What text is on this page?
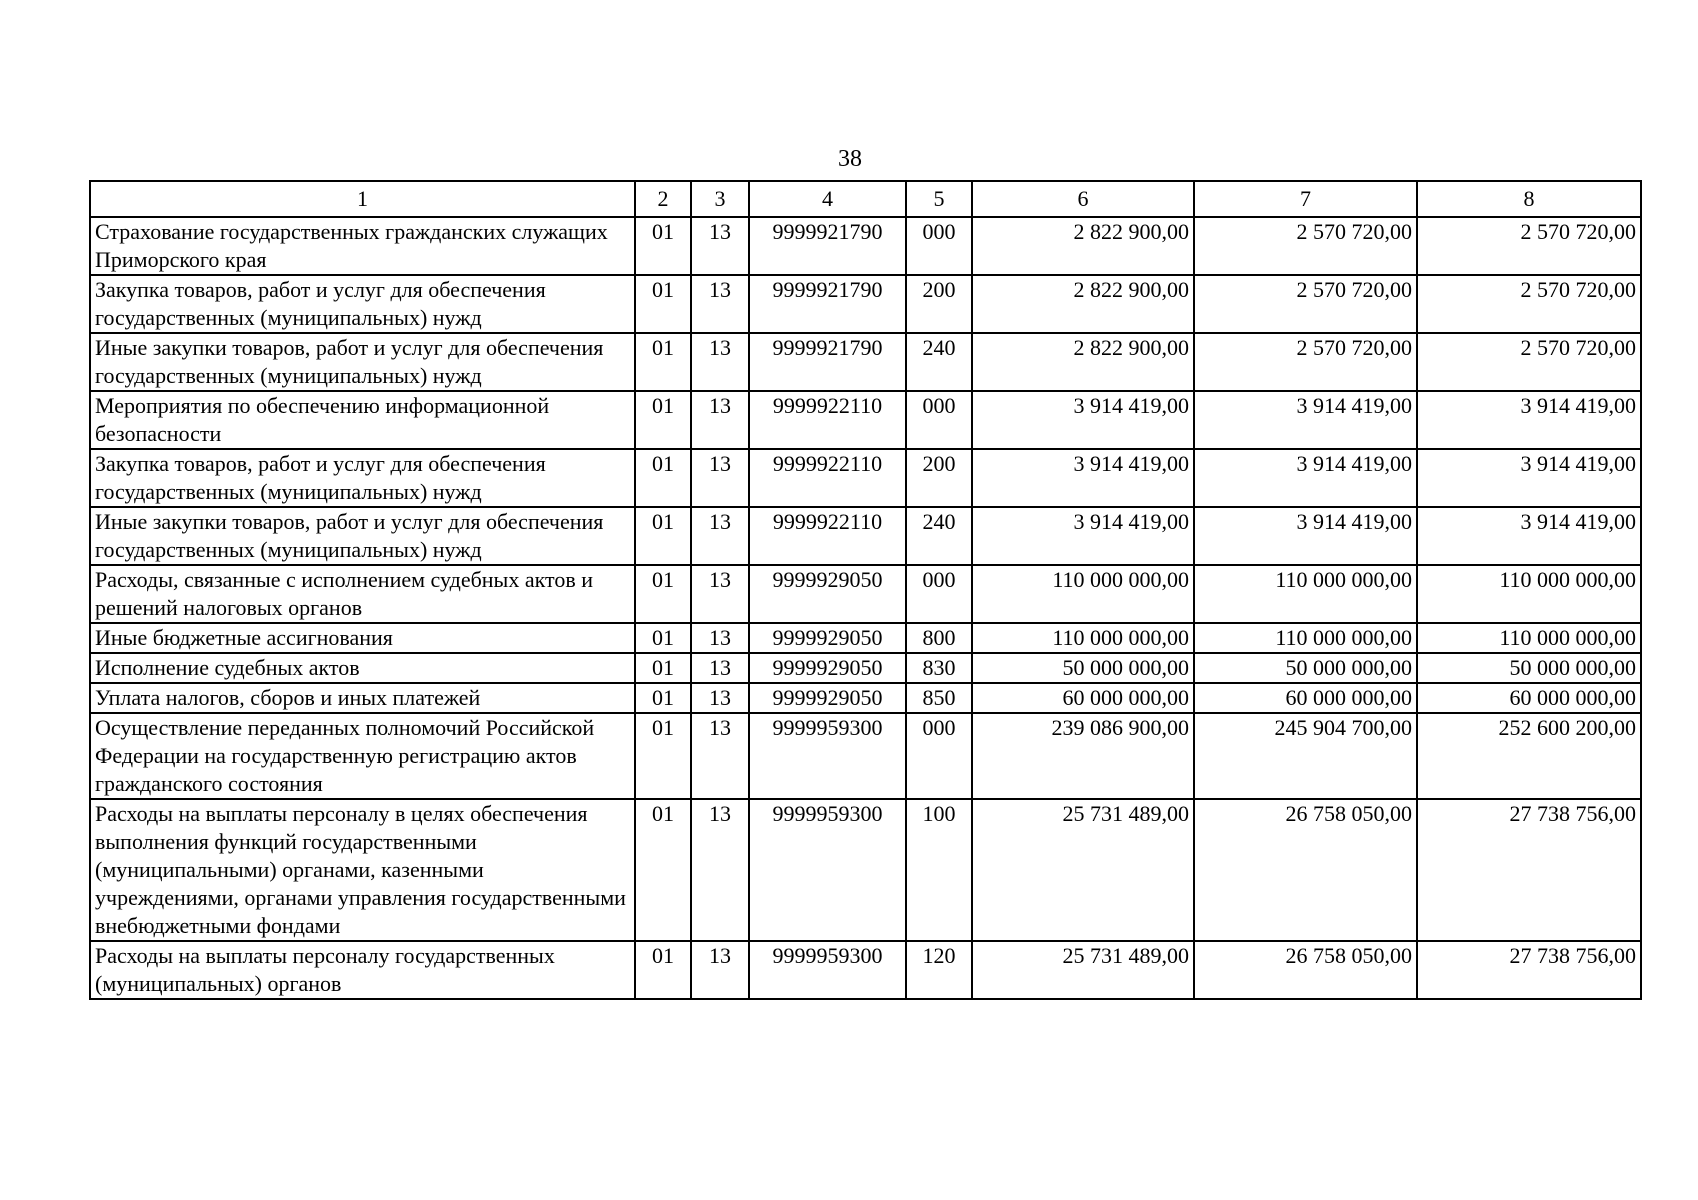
38
1	2	3	4	5	6	7	8
Страхование государственных гражданских служащих Приморского края	01	13	9999921790	000	2 822 900,00	2 570 720,00	2 570 720,00
Закупка товаров, работ и услуг для обеспечения государственных (муниципальных) нужд	01	13	9999921790	200	2 822 900,00	2 570 720,00	2 570 720,00
Иные закупки товаров, работ и услуг для обеспечения государственных (муниципальных) нужд	01	13	9999921790	240	2 822 900,00	2 570 720,00	2 570 720,00
Мероприятия по обеспечению информационной безопасности	01	13	9999922110	000	3 914 419,00	3 914 419,00	3 914 419,00
Закупка товаров, работ и услуг для обеспечения государственных (муниципальных) нужд	01	13	9999922110	200	3 914 419,00	3 914 419,00	3 914 419,00
Иные закупки товаров, работ и услуг для обеспечения государственных (муниципальных) нужд	01	13	9999922110	240	3 914 419,00	3 914 419,00	3 914 419,00
Расходы, связанные с исполнением судебных актов и решений налоговых органов	01	13	9999929050	000	110 000 000,00	110 000 000,00	110 000 000,00
Иные бюджетные ассигнования	01	13	9999929050	800	110 000 000,00	110 000 000,00	110 000 000,00
Исполнение судебных актов	01	13	9999929050	830	50 000 000,00	50 000 000,00	50 000 000,00
Уплата налогов, сборов и иных платежей	01	13	9999929050	850	60 000 000,00	60 000 000,00	60 000 000,00
Осуществление переданных полномочий Российской Федерации на государственную регистрацию актов гражданского состояния	01	13	9999959300	000	239 086 900,00	245 904 700,00	252 600 200,00
Расходы на выплаты персоналу в целях обеспечения выполнения функций государственными (муниципальными) органами, казенными учреждениями, органами управления государственными внебюджетными фондами	01	13	9999959300	100	25 731 489,00	26 758 050,00	27 738 756,00
Расходы на выплаты персоналу государственных (муниципальных) органов	01	13	9999959300	120	25 731 489,00	26 758 050,00	27 738 756,00
